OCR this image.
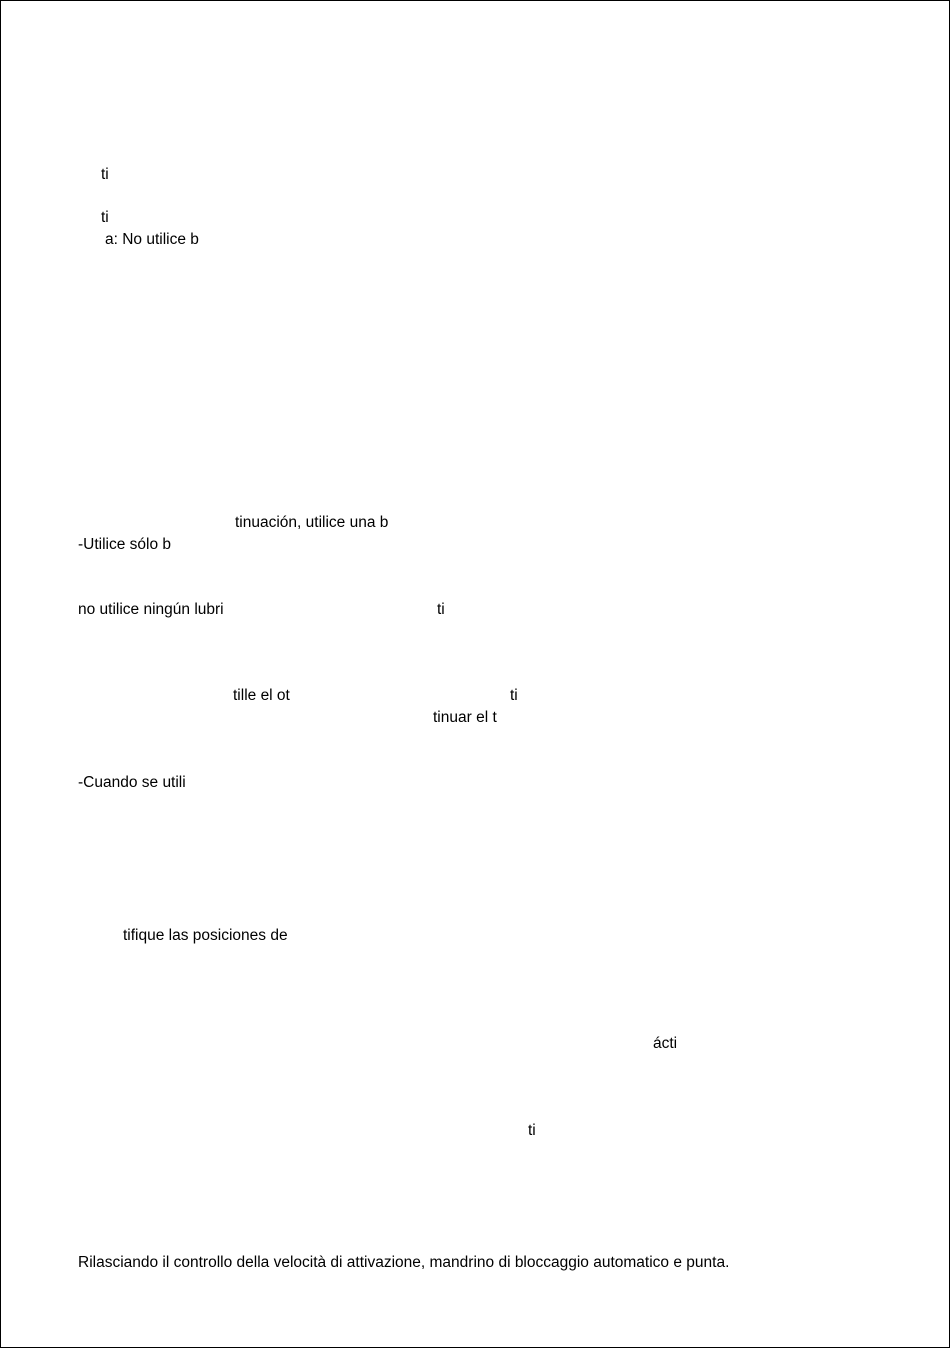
ti
ti
a: No utilice b
tinuación, utilice una b
-Utilice sólo b
no utilice ningún lubri	ti
tille el ot	ti
tinuar el t
-Cuando se utili
tifique las posiciones de
ácti
ti
Rilasciando il controllo della velocità di attivazione, mandrino di bloccaggio automatico e punta.
